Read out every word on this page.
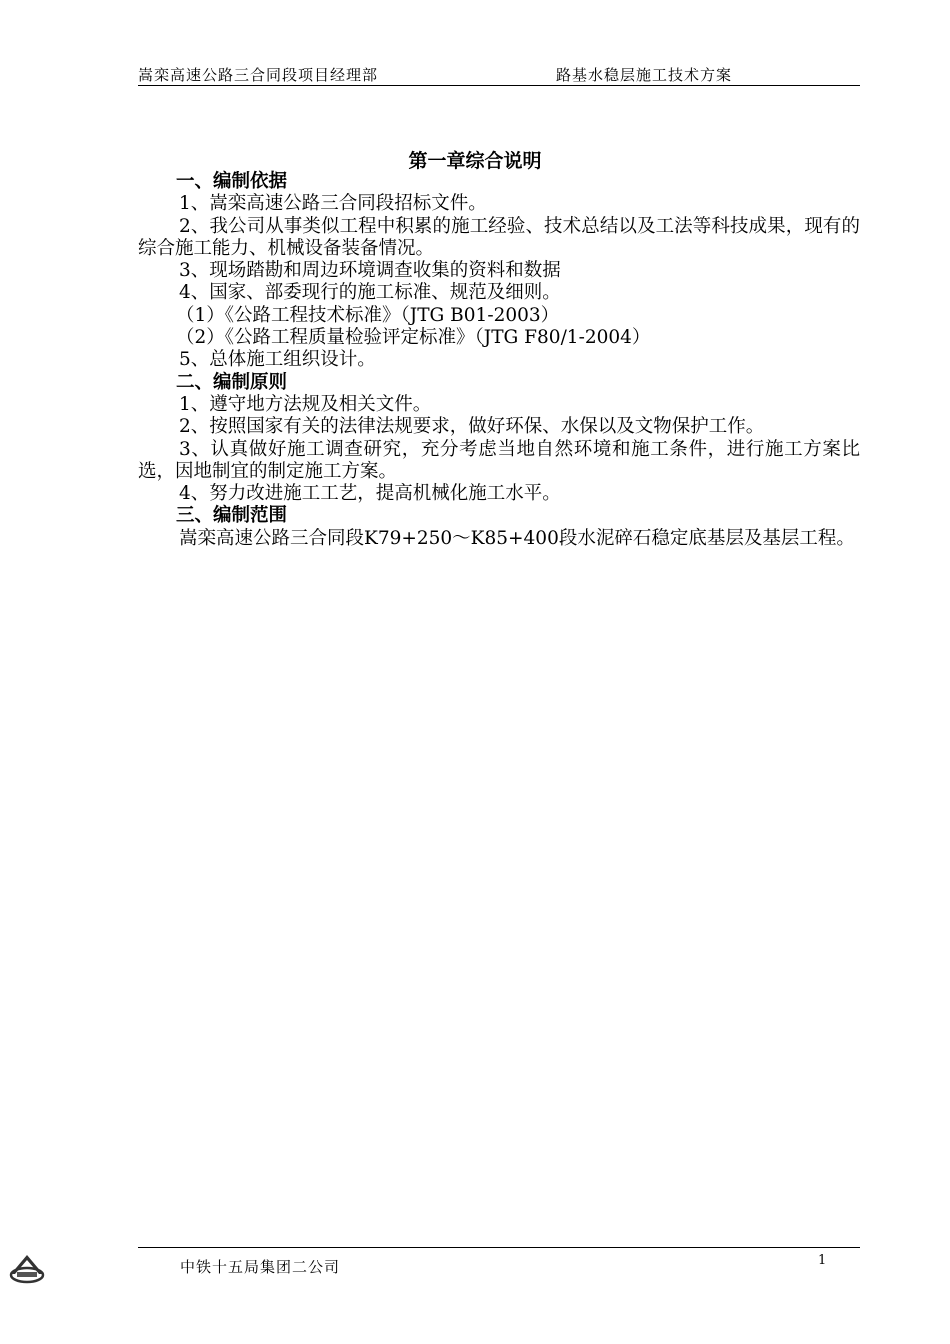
嵩栾高速公路三合同段项目经理部	路基水稳层施工技术方案
第一章综合说明
一、编制依据
1、嵩栾高速公路三合同段招标文件。
2、我公司从事类似工程中积累的施工经验、技术总结以及工法等科技成果，现有的综合施工能力、机械设备装备情况。
3、现场踏勘和周边环境调查收集的资料和数据
4、国家、部委现行的施工标准、规范及细则。
（1）《公路工程技术标准》（JTG B01-2003）
（2）《公路工程质量检验评定标准》（JTG F80/1-2004）
5、总体施工组织设计。
二、编制原则
1、遵守地方法规及相关文件。
2、按照国家有关的法律法规要求，做好环保、水保以及文物保护工作。
3、认真做好施工调查研究，充分考虑当地自然环境和施工条件，进行施工方案比选，因地制宜的制定施工方案。
4、努力改进施工工艺，提高机械化施工水平。
三、编制范围
嵩栾高速公路三合同段K79+250～K85+400段水泥碎石稳定底基层及基层工程。
中铁十五局集团二公司	1
